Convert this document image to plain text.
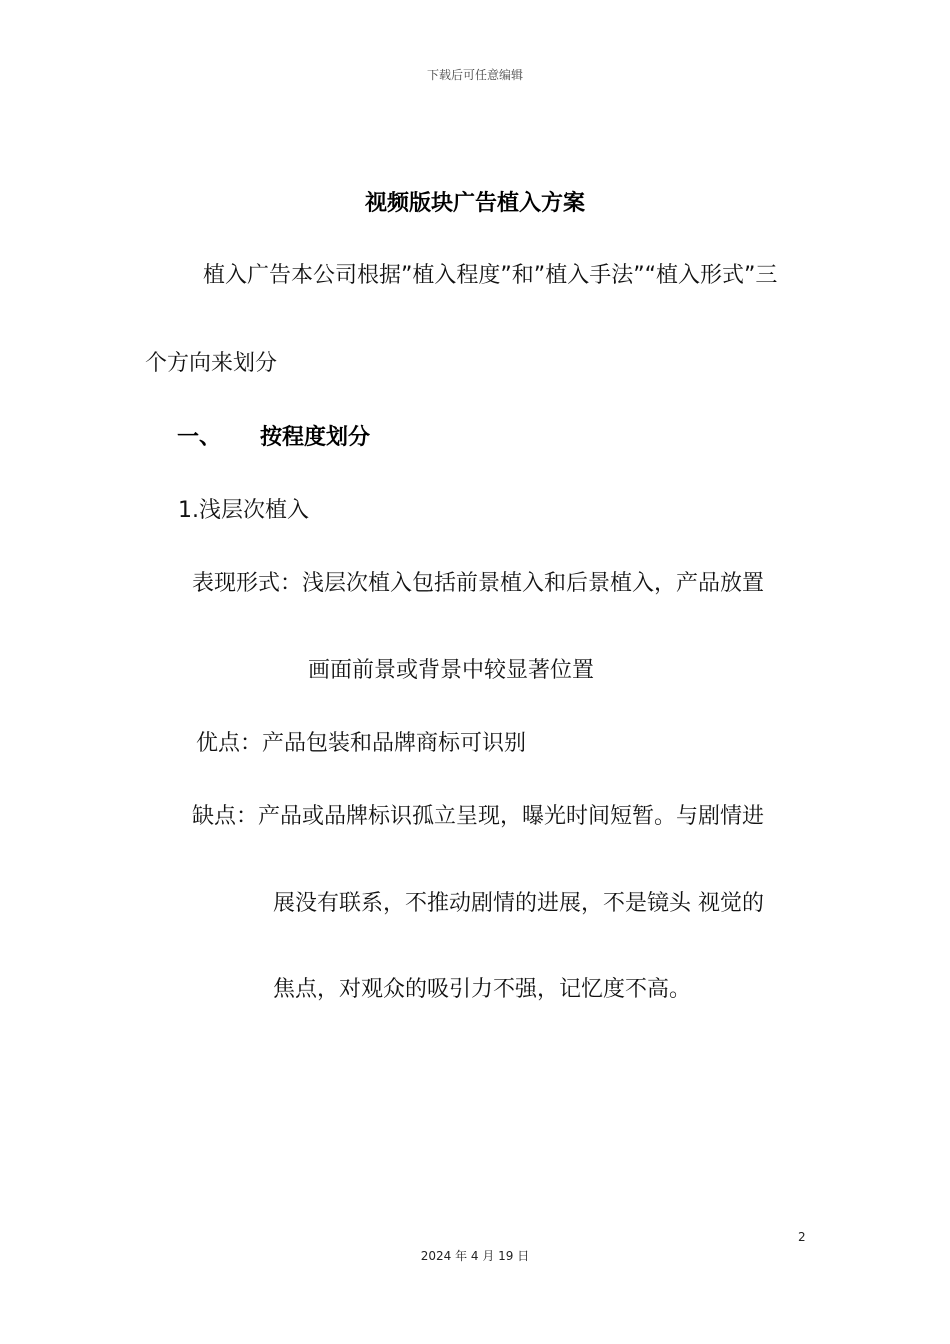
下载后可任意编辑
视频版块广告植入方案
植入广告本公司根据”植入程度”和”植入手法”“植入形式”三
个方向来划分
一、 按程度划分
1.浅层次植入
表现形式：浅层次植入包括前景植入和后景植入，产品放置
画面前景或背景中较显著位置
优点：产品包装和品牌商标可识别
缺点：产品或品牌标识孤立呈现，曝光时间短暂。与剧情进
展没有联系，不推动剧情的进展，不是镜头 视觉的
焦点，对观众的吸引力不强，记忆度不高。
2
2024 年 4 月 19 日
